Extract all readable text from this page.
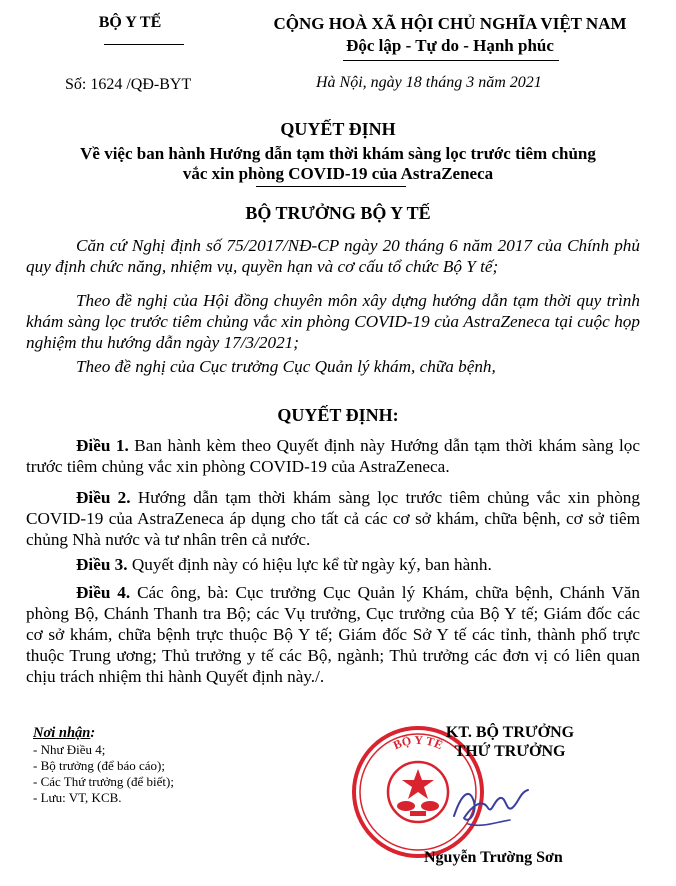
BỘ Y TẾ	CỘNG HOÀ XÃ HỘI CHỦ NGHĨA VIỆT NAM
Độc lập - Tự do - Hạnh phúc
Số: 1624 /QĐ-BYT	Hà Nội, ngày 18 tháng 3 năm 2021
QUYẾT ĐỊNH
Về việc ban hành Hướng dẫn tạm thời khám sàng lọc trước tiêm chủng
vắc xin phòng COVID-19 của AstraZeneca
BỘ TRƯỞNG BỘ Y TẾ
Căn cứ Nghị định số 75/2017/NĐ-CP ngày 20 tháng 6 năm 2017 của Chính phủ quy định chức năng, nhiệm vụ, quyền hạn và cơ cấu tổ chức Bộ Y tế;
Theo đề nghị của Hội đồng chuyên môn xây dựng hướng dẫn tạm thời quy trình khám sàng lọc trước tiêm chủng vắc xin phòng COVID-19 của AstraZeneca tại cuộc họp nghiệm thu hướng dẫn ngày 17/3/2021;
Theo đề nghị của Cục trưởng Cục Quản lý khám, chữa bệnh,
QUYẾT ĐỊNH:
Điều 1. Ban hành kèm theo Quyết định này Hướng dẫn tạm thời khám sàng lọc trước tiêm chủng vắc xin phòng COVID-19 của AstraZeneca.
Điều 2. Hướng dẫn tạm thời khám sàng lọc trước tiêm chủng vắc xin phòng COVID-19 của AstraZeneca áp dụng cho tất cả các cơ sở khám, chữa bệnh, cơ sở tiêm chủng Nhà nước và tư nhân trên cả nước.
Điều 3. Quyết định này có hiệu lực kể từ ngày ký, ban hành.
Điều 4. Các ông, bà: Cục trưởng Cục Quản lý Khám, chữa bệnh, Chánh Văn phòng Bộ, Chánh Thanh tra Bộ; các Vụ trưởng, Cục trưởng của Bộ Y tế; Giám đốc các cơ sở khám, chữa bệnh trực thuộc Bộ Y tế; Giám đốc Sở Y tế các tỉnh, thành phố trực thuộc Trung ương; Thủ trưởng y tế các Bộ, ngành; Thủ trưởng các đơn vị có liên quan chịu trách nhiệm thi hành Quyết định này./.
Nơi nhận:
- Như Điều 4;
- Bộ trưởng (để báo cáo);
- Các Thứ trưởng (để biết);
- Lưu: VT, KCB.
BỘ Y TẾ
KT. BỘ TRƯỞNG
THỨ TRƯỞNG
Nguyễn Trường Sơn
